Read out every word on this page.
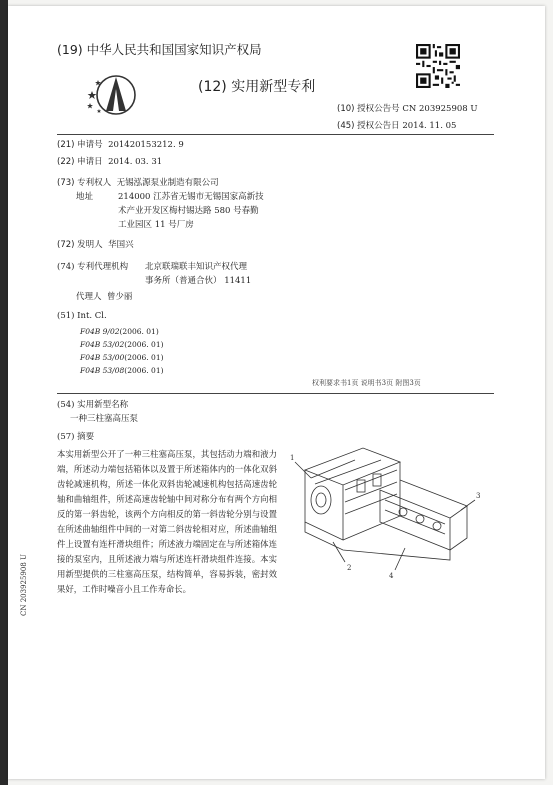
(19) 中华人民共和国国家知识产权局
(12) 实用新型专利
(10) 授权公告号 CN 203925908 U
(45) 授权公告日 2014. 11. 05
(21) 申请号 201420153212. 9
(22) 申请日 2014. 03. 31
(73) 专利权人 无锡泓源泵业制造有限公司
地址	214000 江苏省无锡市无锡国家高新技
术产业开发区梅村锡达路 580 号春勤
工业园区 11 号厂房
(72) 发明人 华国兴
(74) 专利代理机构 北京联瑞联丰知识产权代理
事务所（普通合伙） 11411
代理人 曾少丽
(51) Int. Cl.
F04B 9/02(2006. 01)
F04B 53/02(2006. 01)
F04B 53/00(2006. 01)
F04B 53/08(2006. 01)
权利要求书1页 说明书3页 附图3页
(54) 实用新型名称
一种三柱塞高压泵
(57) 摘要
本实用新型公开了一种三柱塞高压泵，其包括动力端和液力端，所述动力端包括箱体以及置于所述箱体内的一体化双斜齿轮减速机构，所述一体化双斜齿轮减速机构包括高速齿轮轴和曲轴组件，所述高速齿轮轴中间对称分布有两个方向相反的第一斜齿轮，该两个方向相反的第一斜齿轮分别与设置在所述曲轴组件中间的一对第二斜齿轮相对应，所述曲轴组件上设置有连杆滑块组件；所述液力端固定在与所述箱体连接的泵室内，且所述液力端与所述连杆滑块组件连接。本实用新型提供的三柱塞高压泵，结构简单，容易拆装，密封效果好，工作时噪音小且工作寿命长。
CN 203925908 U
1
2
3
4
